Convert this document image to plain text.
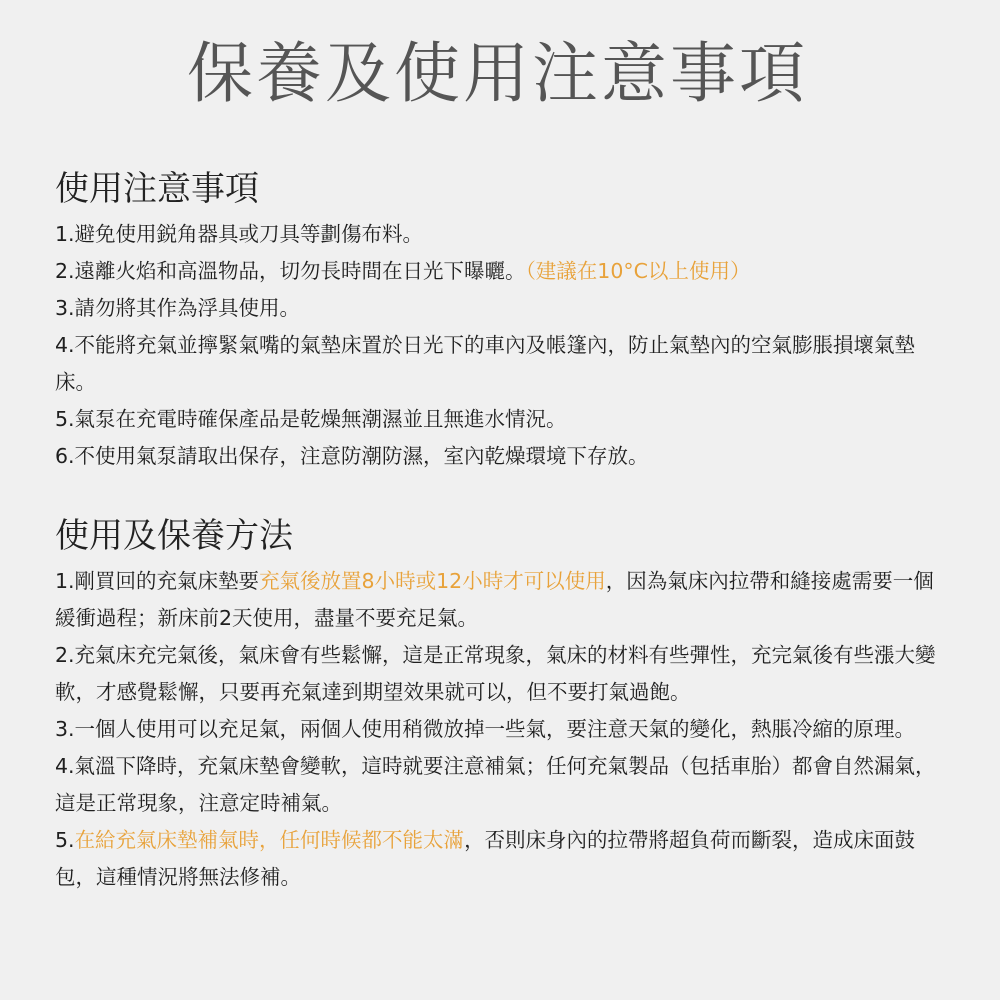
保養及使用注意事項
使用注意事項
1.避免使用鋭角器具或刀具等劃傷布料。
2.遠離火焰和高溫物品，切勿長時間在日光下曝曬。（建議在10°C以上使用）
3.請勿將其作為浮具使用。
4.不能將充氣並擰緊氣嘴的氣墊床置於日光下的車內及帳篷內，防止氣墊內的空氣膨脹損壞氣墊床。
5.氣泵在充電時確保產品是乾燥無潮濕並且無進水情況。
6.不使用氣泵請取出保存，注意防潮防濕，室內乾燥環境下存放。
使用及保養方法
1.剛買回的充氣床墊要充氣後放置8小時或12小時才可以使用，因為氣床內拉帶和縫接處需要一個緩衝過程；新床前2天使用，盡量不要充足氣。
2.充氣床充完氣後，氣床會有些鬆懈，這是正常現象，氣床的材料有些彈性，充完氣後有些漲大變軟，才感覺鬆懈，只要再充氣達到期望效果就可以，但不要打氣過飽。
3.一個人使用可以充足氣，兩個人使用稍微放掉一些氣，要注意天氣的變化，熱脹冷縮的原理。
4.氣溫下降時，充氣床墊會變軟，這時就要注意補氣；任何充氣製品（包括車胎）都會自然漏氣，這是正常現象，注意定時補氣。
5.在給充氣床墊補氣時，任何時候都不能太滿，否則床身內的拉帶將超負荷而斷裂，造成床面鼓包，這種情況將無法修補。
